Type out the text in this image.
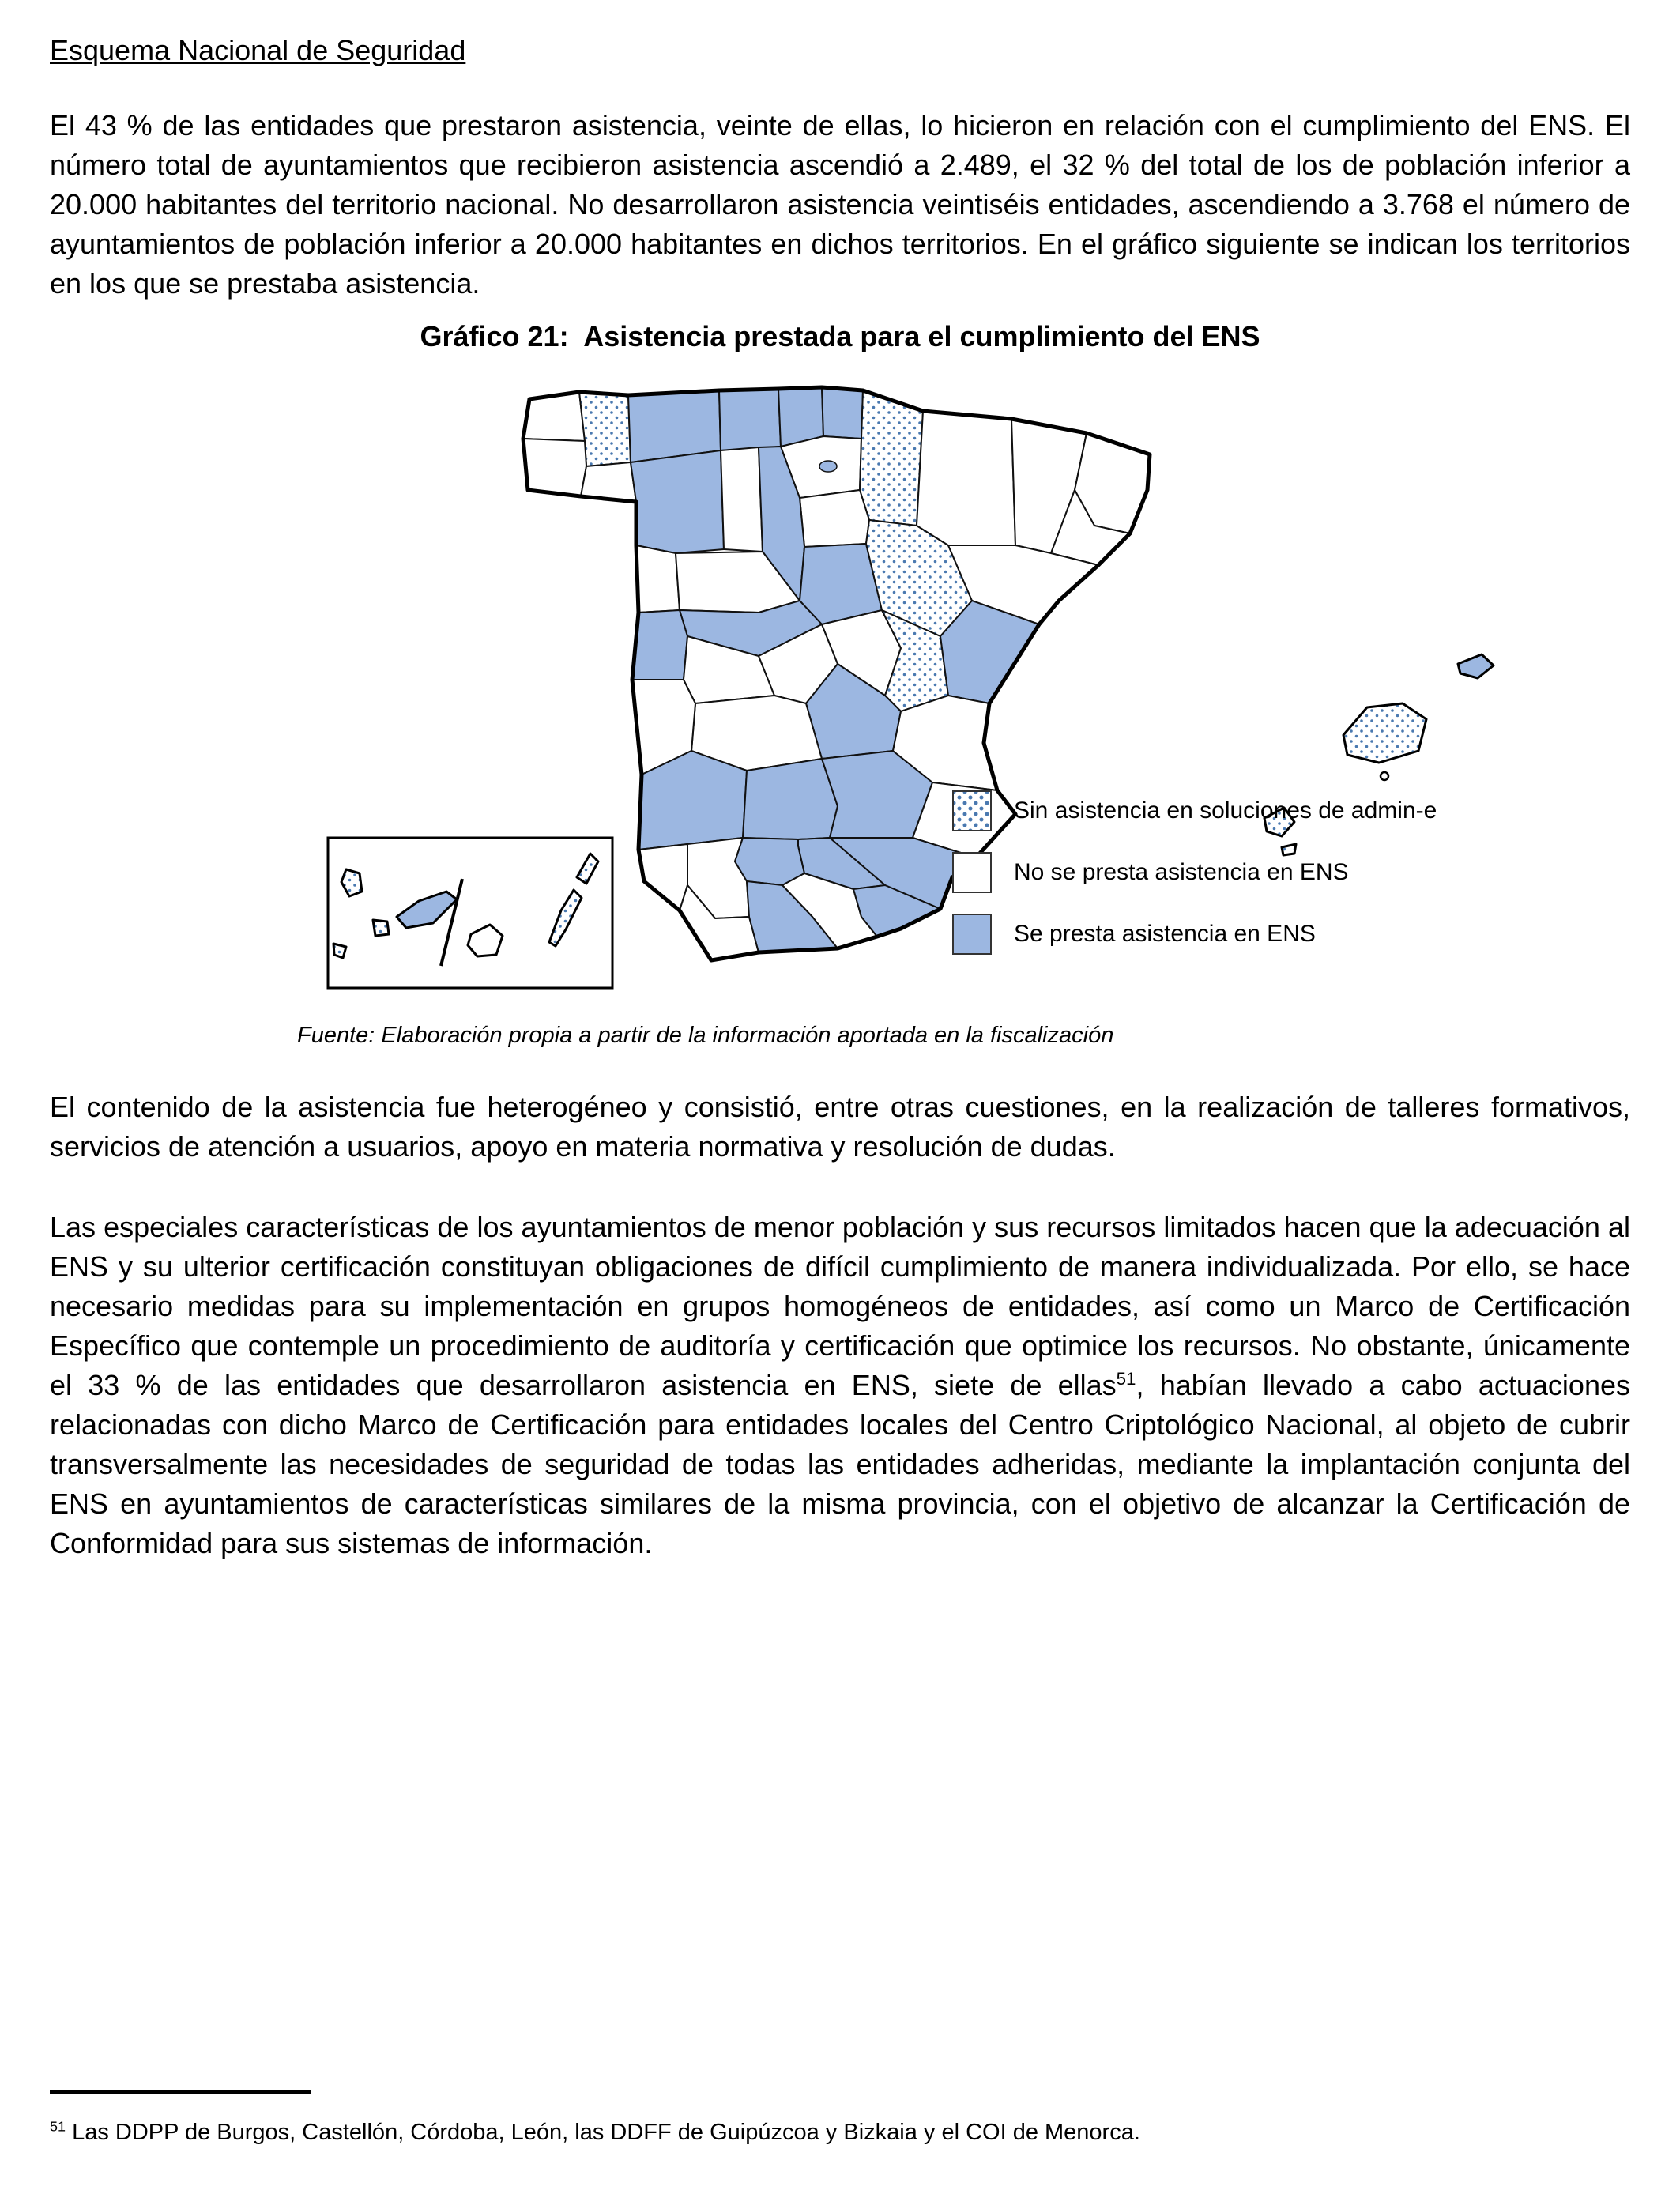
Esquema Nacional de Seguridad

El 43 % de las entidades que prestaron asistencia, veinte de ellas, lo hicieron en relación con el cumplimiento del ENS. El número total de ayuntamientos que recibieron asistencia ascendió a 2.489, el 32 % del total de los de población inferior a 20.000 habitantes del territorio nacional. No desarrollaron asistencia veintiséis entidades, ascendiendo a 3.768 el número de ayuntamientos de población inferior a 20.000 habitantes en dichos territorios. En el gráfico siguiente se indican los territorios en los que se prestaba asistencia.

Gráfico 21:  Asistencia prestada para el cumplimiento del ENS
Sin asistencia en soluciones de admin-e
No se presta asistencia en ENS
Se presta asistencia en ENS

Fuente: Elaboración propia a partir de la información aportada en la fiscalización

El contenido de la asistencia fue heterogéneo y consistió, entre otras cuestiones, en la realización de talleres formativos, servicios de atención a usuarios, apoyo en materia normativa y resolución de dudas.

Las especiales características de los ayuntamientos de menor población y sus recursos limitados hacen que la adecuación al ENS y su ulterior certificación constituyan obligaciones de difícil cumplimiento de manera individualizada. Por ello, se hace necesario medidas para su implementación en grupos homogéneos de entidades, así como un Marco de Certificación Específico que contemple un procedimiento de auditoría y certificación que optimice los recursos. No obstante, únicamente el 33 % de las entidades que desarrollaron asistencia en ENS, siete de ellas$^{51}$, habían llevado a cabo actuaciones relacionadas con dicho Marco de Certificación para entidades locales del Centro Criptológico Nacional, al objeto de cubrir transversalmente las necesidades de seguridad de todas las entidades adheridas, mediante la implantación conjunta del ENS en ayuntamientos de características similares de la misma provincia, con el objetivo de alcanzar la Certificación de Conformidad para sus sistemas de información.

$^{51}$ Las DDPP de Burgos, Castellón, Córdoba, León, las DDFF de Guipúzcoa y Bizkaia y el COI de Menorca.
